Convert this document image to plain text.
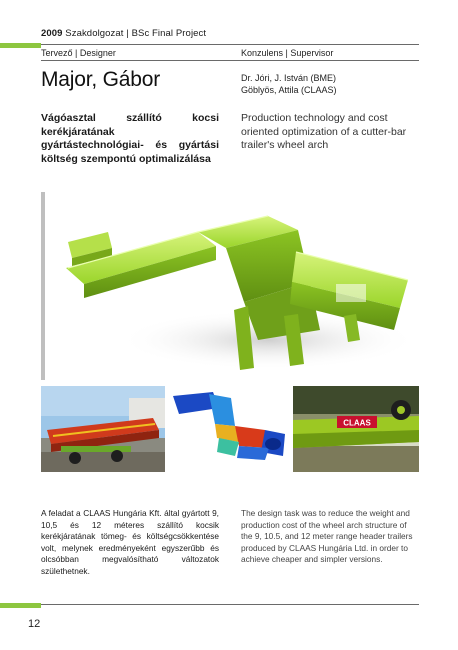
2009 Szakdolgozat | BSc Final Project
Tervező | Designer	Konzulens | Supervisor
Major, Gábor	Dr. Jóri, J. István (BME)
Göblyös, Attila (CLAAS)
Vágóasztal szállító kocsi kerékjáratának gyártástechnológiai- és gyártási költség szempontú optimalizálása
Production technology and cost oriented optimization of a cutter-bar trailer's wheel arch
CLAAS
A feladat a CLAAS Hungária Kft. által gyártott 9, 10,5 és 12 méteres szállító kocsik kerékjáratának tömeg- és költségcsökkentése volt, melynek eredményeként egyszerűbb és olcsóbban megvalósítható változatok születhetnek.
The design task was to reduce the weight and production cost of the wheel arch structure of the 9, 10.5, and 12 meter range header trailers produced by CLAAS Hungária Ltd. in order to achieve cheaper and simpler versions.
12
